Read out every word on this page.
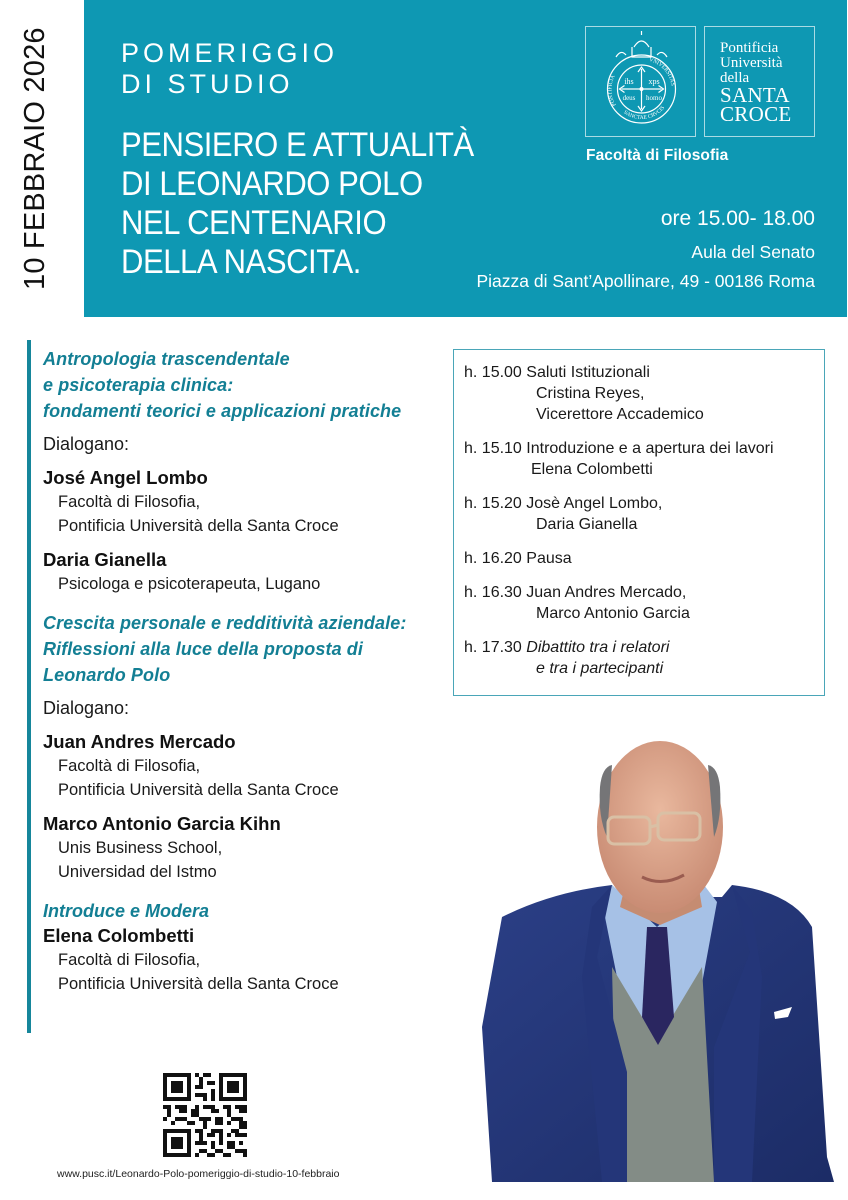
10 FEBBRAIO 2026	POMERIGGIO
DI STUDIO
PENSIERO E ATTUALITÀ
DI LEONARDO POLO
NEL CENTENARIO
DELLA NASCITA.
ihs xps
deus homo
PONTIFICIA
VNIVERSITAS
SANCTAE CRVCIS
Pontificia
Università
della
SANTA
CROCE
Facoltà di Filosofia
ore 15.00- 18.00
Aula del Senato
Piazza di Sant’Apollinare, 49 - 00186 Roma
Antropologia trascendentale
e psicoterapia clinica:
fondamenti teorici e applicazioni pratiche
Dialogano:
José Angel Lombo
Facoltà di Filosofia,
Pontificia Università della Santa Croce
Daria Gianella
Psicologa e psicoterapeuta, Lugano
Crescita personale e redditività aziendale:
Riflessioni alla luce della proposta di
Leonardo Polo
Dialogano:
Juan Andres Mercado
Facoltà di Filosofia,
Pontificia Università della Santa Croce
Marco Antonio Garcia Kihn
Unis Business School,
Universidad del Istmo
Introduce e Modera
Elena Colombetti
Facoltà di Filosofia,
Pontificia Università della Santa Croce
h. 15.00 Saluti Istituzionali
Cristina Reyes,
Vicerettore Accademico
h. 15.10 Introduzione e a apertura dei lavori
Elena Colombetti
h. 15.20 Josè Angel Lombo,
Daria Gianella
h. 16.20 Pausa
h. 16.30 Juan Andres Mercado,
Marco Antonio Garcia
h. 17.30 Dibattito tra i relatori
e tra i partecipanti
www.pusc.it/Leonardo-Polo-pomeriggio-di-studio-10-febbraio
